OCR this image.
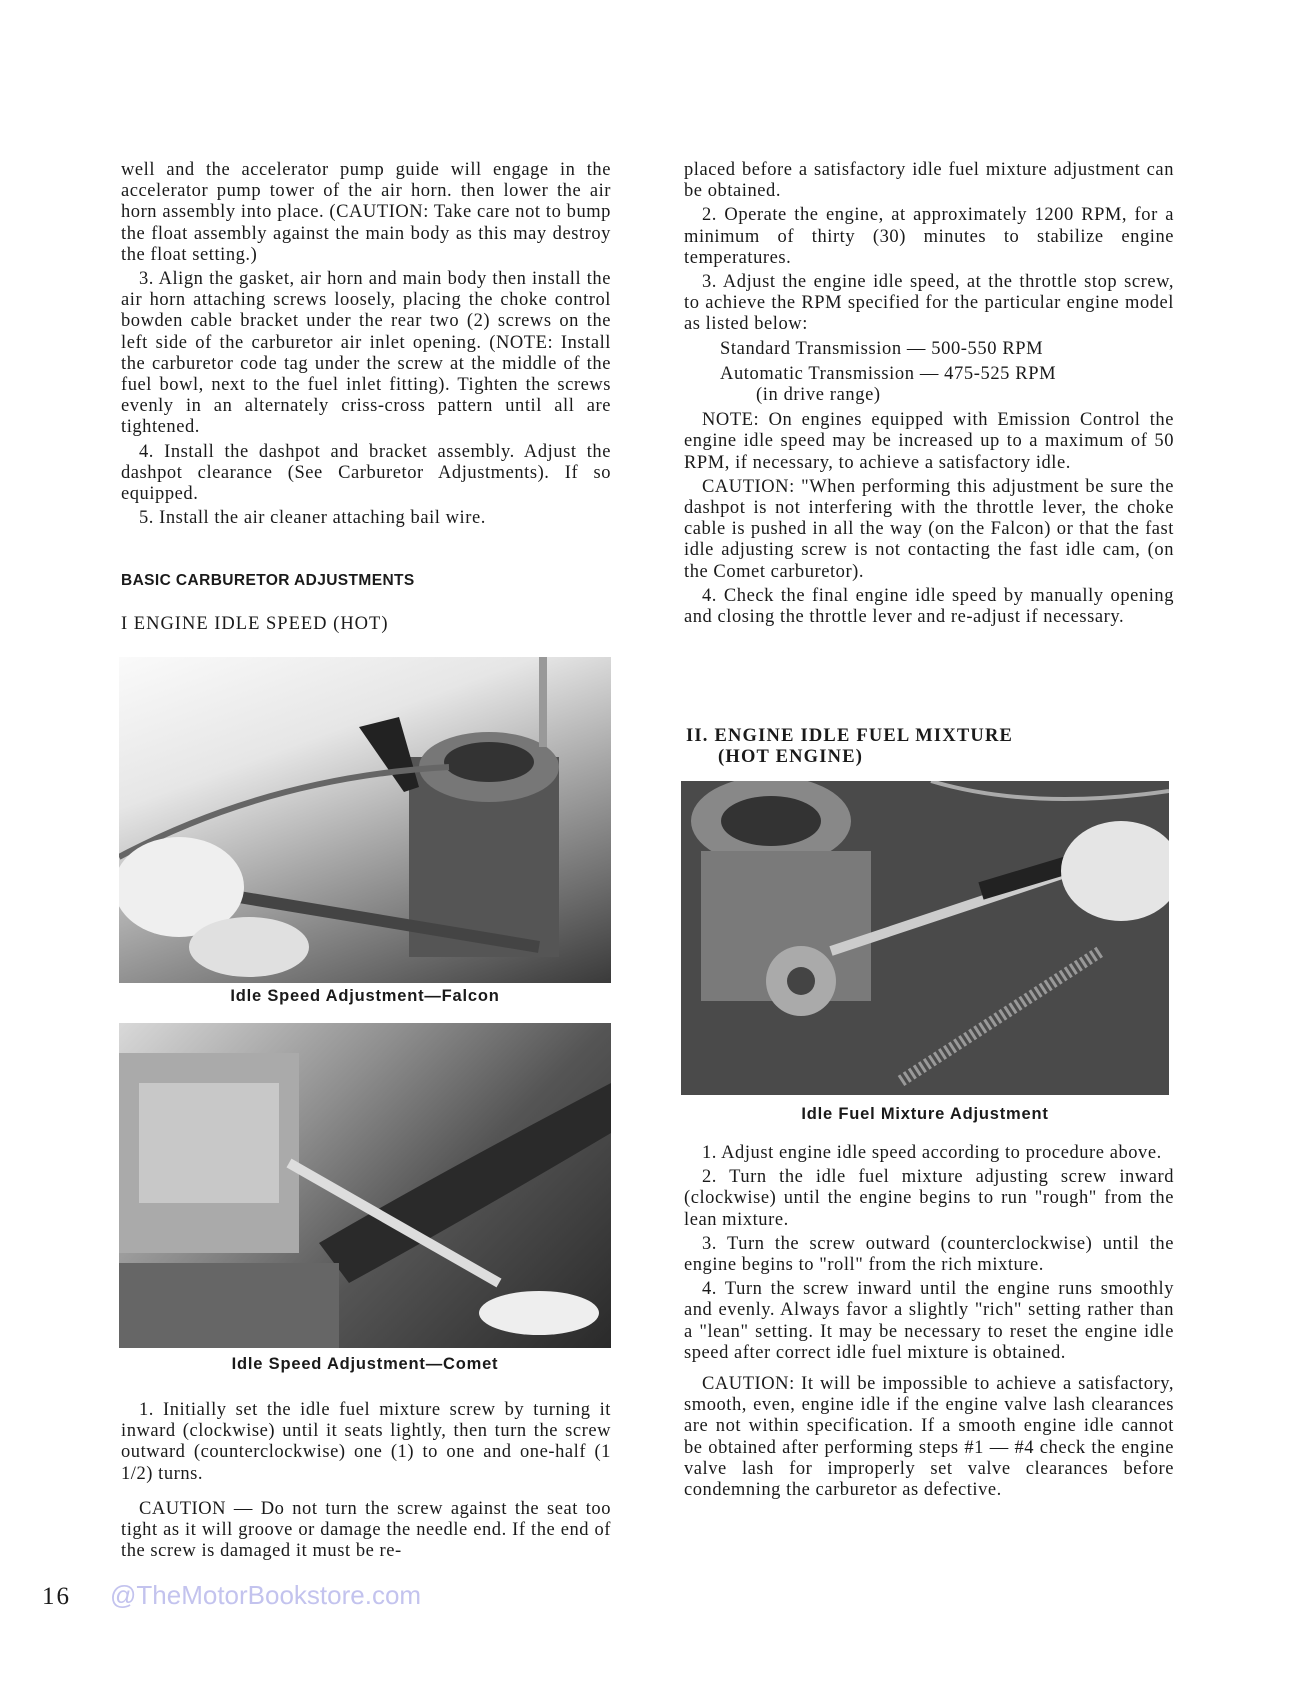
well and the accelerator pump guide will engage in the accelerator pump tower of the air horn. then lower the air horn assembly into place. (CAUTION: Take care not to bump the float assembly against the main body as this may destroy the float setting.)

3. Align the gasket, air horn and main body then install the air horn attaching screws loosely, placing the choke control bowden cable bracket under the rear two (2) screws on the left side of the carburetor air inlet opening. (NOTE: Install the carburetor code tag under the screw at the middle of the fuel bowl, next to the fuel inlet fitting). Tighten the screws evenly in an alternately criss-cross pattern until all are tightened.

4. Install the dashpot and bracket assembly. Adjust the dashpot clearance (See Carburetor Adjustments). If so equipped.

5. Install the air cleaner attaching bail wire.

BASIC CARBURETOR ADJUSTMENTS
I ENGINE IDLE SPEED (HOT)
Idle Speed Adjustment—Falcon
Idle Speed Adjustment—Comet

1. Initially set the idle fuel mixture screw by turning it inward (clockwise) until it seats lightly, then turn the screw outward (counterclockwise) one (1) to one and one-half (1 1/2) turns.

CAUTION — Do not turn the screw against the seat too tight as it will groove or damage the needle end. If the end of the screw is damaged it must be re-

placed before a satisfactory idle fuel mixture adjustment can be obtained.

2. Operate the engine, at approximately 1200 RPM, for a minimum of thirty (30) minutes to stabilize engine temperatures.

3. Adjust the engine idle speed, at the throttle stop screw, to achieve the RPM specified for the particular engine model as listed below:

Standard Transmission — 500-550 RPM
Automatic Transmission — 475-525 RPM
(in drive range)

NOTE: On engines equipped with Emission Control the engine idle speed may be increased up to a maximum of 50 RPM, if necessary, to achieve a satisfactory idle.

CAUTION: "When performing this adjustment be sure the dashpot is not interfering with the throttle lever, the choke cable is pushed in all the way (on the Falcon) or that the fast idle adjusting screw is not contacting the fast idle cam, (on the Comet carburetor).

4. Check the final engine idle speed by manually opening and closing the throttle lever and re-adjust if necessary.

II. ENGINE IDLE FUEL MIXTURE
(HOT ENGINE)
Idle Fuel Mixture Adjustment

1. Adjust engine idle speed according to procedure above.

2. Turn the idle fuel mixture adjusting screw inward (clockwise) until the engine begins to run "rough" from the lean mixture.

3. Turn the screw outward (counterclockwise) until the engine begins to "roll" from the rich mixture.

4. Turn the screw inward until the engine runs smoothly and evenly. Always favor a slightly "rich" setting rather than a "lean" setting. It may be necessary to reset the engine idle speed after correct idle fuel mixture is obtained.

CAUTION: It will be impossible to achieve a satisfactory, smooth, even, engine idle if the engine valve lash clearances are not within specification. If a smooth engine idle cannot be obtained after performing steps #1 — #4 check the engine valve lash for improperly set valve clearances before condemning the carburetor as defective.

16 @TheMotorBookstore.com
